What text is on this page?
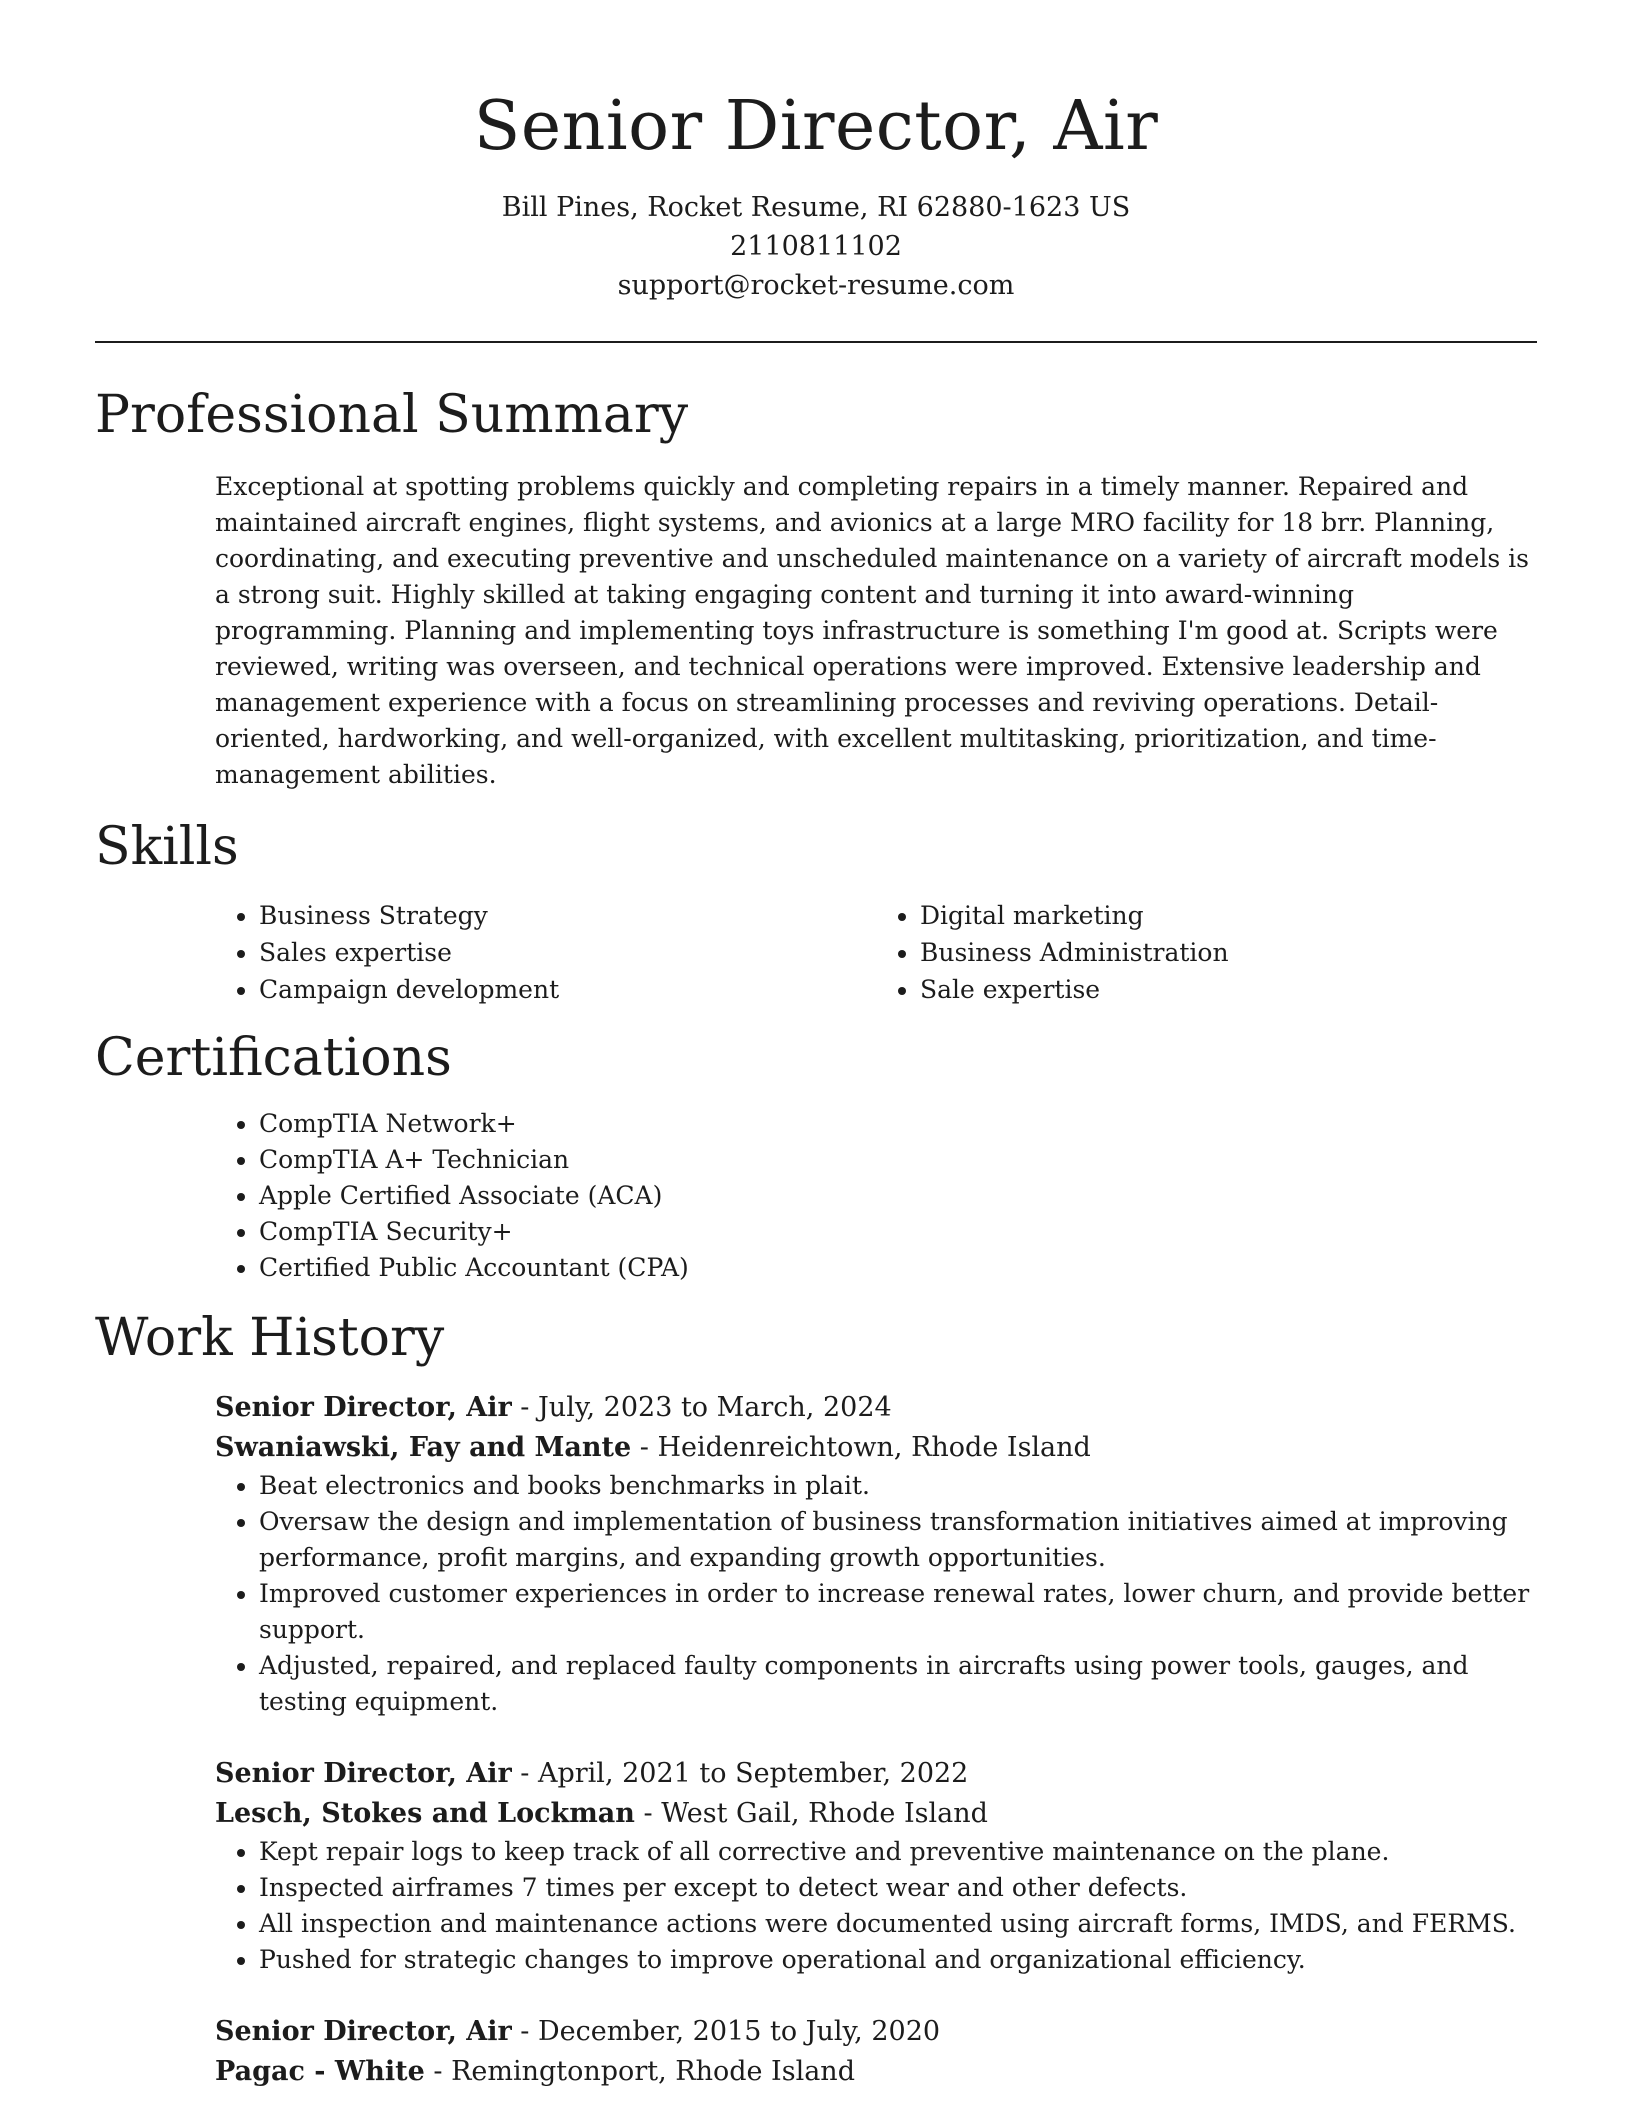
Senior Director, Air
Bill Pines, Rocket Resume, RI 62880-1623 US
2110811102
support@rocket-resume.com
Professional Summary
Exceptional at spotting problems quickly and completing repairs in a timely manner. Repaired and maintained aircraft engines, flight systems, and avionics at a large MRO facility for 18 brr. Planning, coordinating, and executing preventive and unscheduled maintenance on a variety of aircraft models is a strong suit. Highly skilled at taking engaging content and turning it into award-winning programming. Planning and implementing toys infrastructure is something I'm good at. Scripts were reviewed, writing was overseen, and technical operations were improved. Extensive leadership and management experience with a focus on streamlining processes and reviving operations. Detail-oriented, hardworking, and well-organized, with excellent multitasking, prioritization, and time-management abilities.
Skills
• Business Strategy
• Sales expertise
• Campaign development
• Digital marketing
• Business Administration
• Sale expertise
Certifications
• CompTIA Network+
• CompTIA A+ Technician
• Apple Certified Associate (ACA)
• CompTIA Security+
• Certified Public Accountant (CPA)
Work History
Senior Director, Air - July, 2023 to March, 2024
Swaniawski, Fay and Mante - Heidenreichtown, Rhode Island
• Beat electronics and books benchmarks in plait.
• Oversaw the design and implementation of business transformation initiatives aimed at improving performance, profit margins, and expanding growth opportunities.
• Improved customer experiences in order to increase renewal rates, lower churn, and provide better support.
• Adjusted, repaired, and replaced faulty components in aircrafts using power tools, gauges, and testing equipment.
Senior Director, Air - April, 2021 to September, 2022
Lesch, Stokes and Lockman - West Gail, Rhode Island
• Kept repair logs to keep track of all corrective and preventive maintenance on the plane.
• Inspected airframes 7 times per except to detect wear and other defects.
• All inspection and maintenance actions were documented using aircraft forms, IMDS, and FERMS.
• Pushed for strategic changes to improve operational and organizational efficiency.
Senior Director, Air - December, 2015 to July, 2020
Pagac - White - Remingtonport, Rhode Island
